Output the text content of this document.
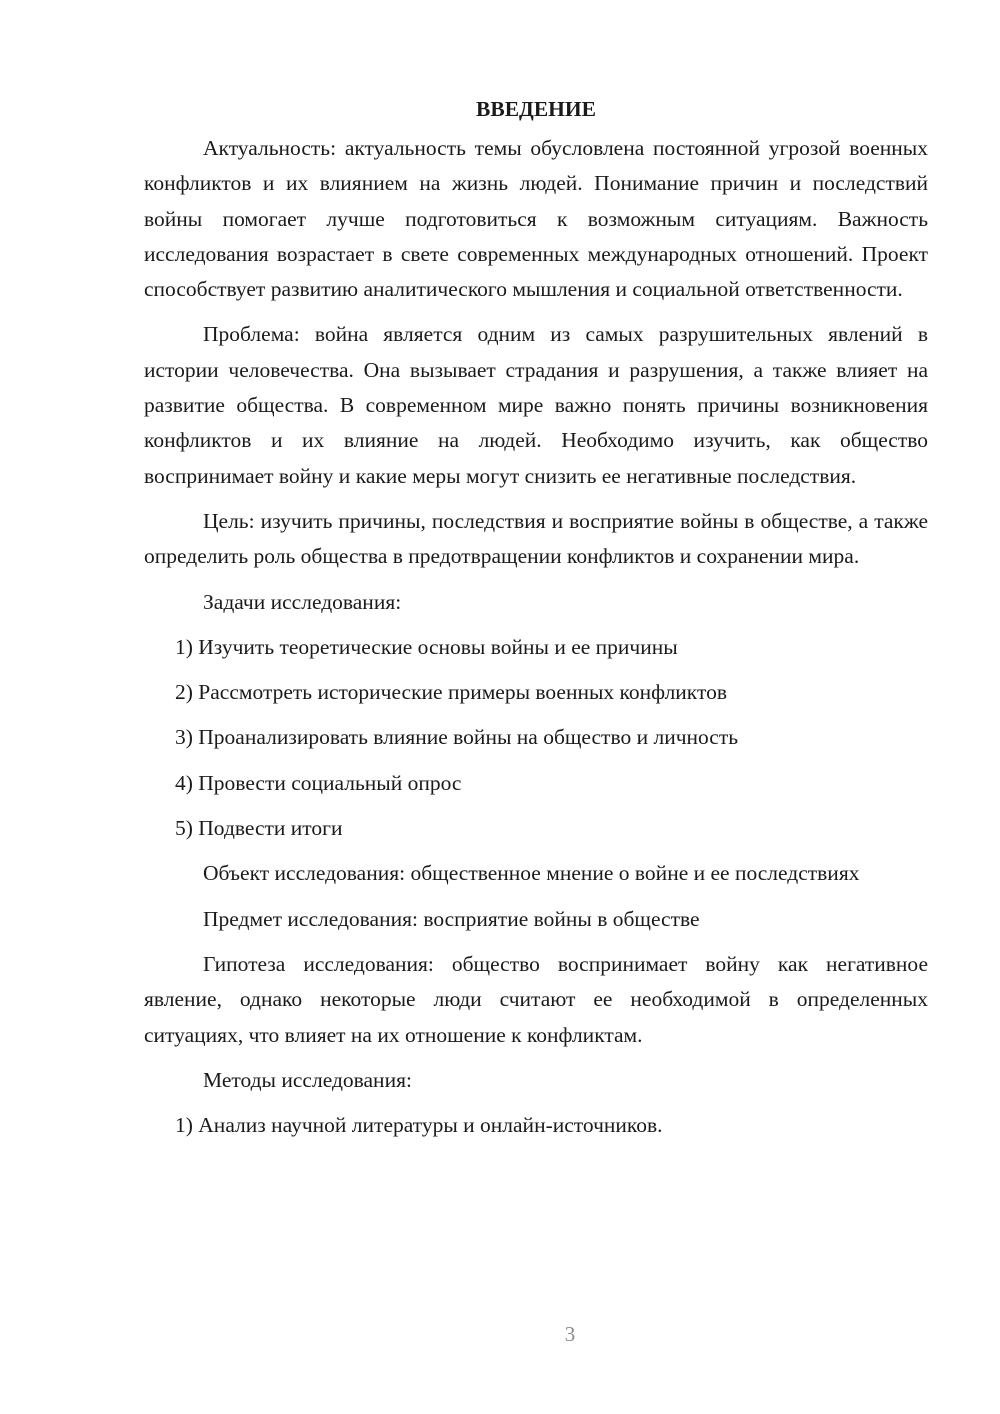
ВВЕДЕНИЕ

Актуальность: актуальность темы обусловлена постоянной угрозой военных конфликтов и их влиянием на жизнь людей. Понимание причин и последствий войны помогает лучше подготовиться к возможным ситуациям. Важность исследования возрастает в свете современных международных отношений. Проект способствует развитию аналитического мышления и социальной ответственности.

Проблема: война является одним из самых разрушительных явлений в истории человечества. Она вызывает страдания и разрушения, а также влияет на развитие общества. В современном мире важно понять причины возникновения конфликтов и их влияние на людей. Необходимо изучить, как общество воспринимает войну и какие меры могут снизить ее негативные последствия.

Цель: изучить причины, последствия и восприятие войны в обществе, а также определить роль общества в предотвращении конфликтов и сохранении мира.

Задачи исследования:

1) Изучить теоретические основы войны и ее причины

2) Рассмотреть исторические примеры военных конфликтов

3) Проанализировать влияние войны на общество и личность

4) Провести социальный опрос

5) Подвести итоги

Объект исследования: общественное мнение о войне и ее последствиях

Предмет исследования: восприятие войны в обществе

Гипотеза исследования: общество воспринимает войну как негативное явление, однако некоторые люди считают ее необходимой в определенных ситуациях, что влияет на их отношение к конфликтам.

Методы исследования:

1) Анализ научной литературы и онлайн-источников.

3
